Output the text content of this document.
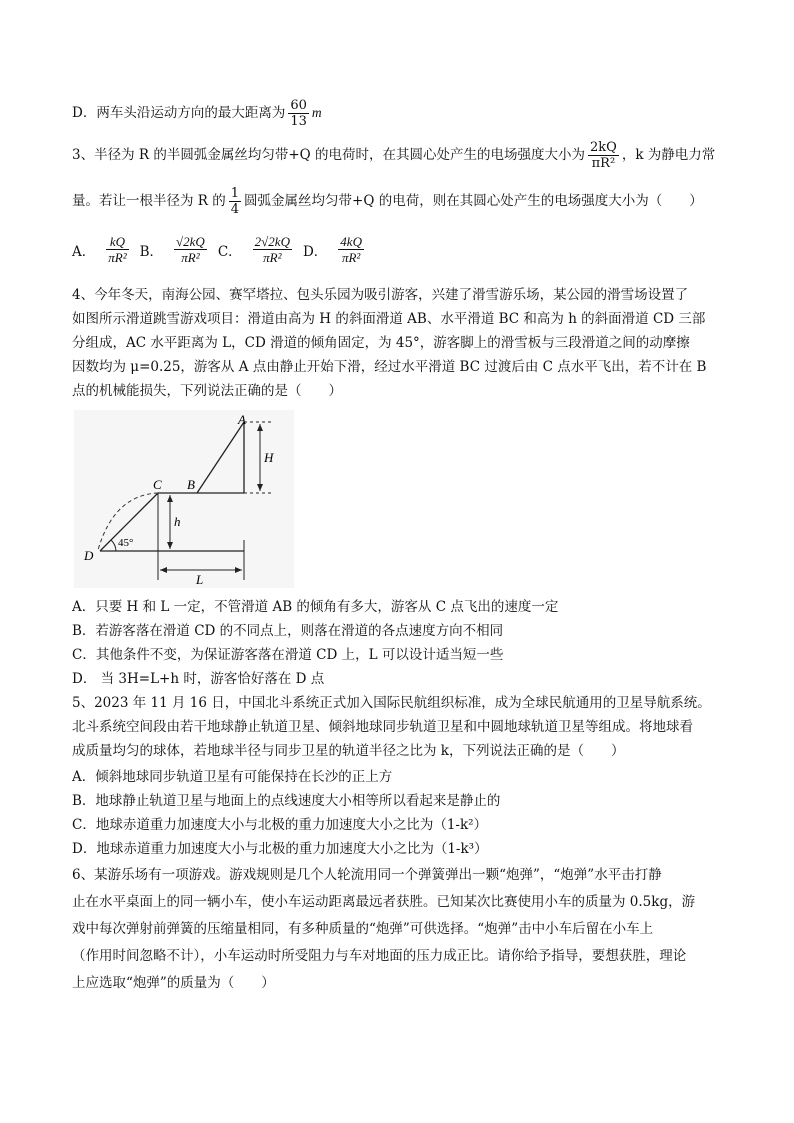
D．两车头沿运动方向的最大距离为 $\frac{60}{13}$ m
3、半径为 R 的半圆弧金属丝均匀带+Q 的电荷时，在其圆心处产生的电场强度大小为 $\frac{2kQ}{\text{πR²}}$ ，k 为静电力常
量。若让一根半径为 R 的 $\frac{1}{4}$ 圆弧金属丝均匀带+Q 的电荷，则在其圆心处产生的电场强度大小为（　　）
A． $\frac{kQ}{\text{πR²}}$ B． $\frac{√2kQ}{\text{πR²}}$ C． $\frac{2√2kQ}{\text{πR²}}$ D． $\frac{4kQ}{\text{πR²}}$
4、今年冬天，南海公园、赛罕塔拉、包头乐园为吸引游客，兴建了滑雪游乐场，某公园的滑雪场设置了
如图所示滑道跳雪游戏项目：滑道由高为 H 的斜面滑道 AB、水平滑道 BC 和高为 h 的斜面滑道 CD 三部
分组成，AC 水平距离为 L，CD 滑道的倾角固定，为 45°，游客脚上的滑雪板与三段滑道之间的动摩擦
因数均为 μ=0.25，游客从 A 点由静止开始下滑，经过水平滑道 BC 过渡后由 C 点水平飞出，若不计在 B
点的机械能损失，下列说法正确的是（　　）
A
B
C
D
H
h
L
45°
A．只要 H 和 L 一定，不管滑道 AB 的倾角有多大，游客从 C 点飞出的速度一定
B．若游客落在滑道 CD 的不同点上，则落在滑道的各点速度方向不相同
C．其他条件不变，为保证游客落在滑道 CD 上，L 可以设计适当短一些
D． 当 3H=L+h 时，游客恰好落在 D 点
5、2023 年 11 月 16 日，中国北斗系统正式加入国际民航组织标准，成为全球民航通用的卫星导航系统。
北斗系统空间段由若干地球静止轨道卫星、倾斜地球同步轨道卫星和中圆地球轨道卫星等组成。将地球看
成质量均匀的球体，若地球半径与同步卫星的轨道半径之比为 k，下列说法正确的是（　　）
A．倾斜地球同步轨道卫星有可能保持在长沙的正上方
B．地球静止轨道卫星与地面上的点线速度大小相等所以看起来是静止的
C．地球赤道重力加速度大小与北极的重力加速度大小之比为（1-k²）
D．地球赤道重力加速度大小与北极的重力加速度大小之比为（1-k³）
6、某游乐场有一项游戏。游戏规则是几个人轮流用同一个弹簧弹出一颗“炮弹”，“炮弹”水平击打静
止在水平桌面上的同一辆小车，使小车运动距离最远者获胜。已知某次比赛使用小车的质量为 0.5kg，游
戏中每次弹射前弹簧的压缩量相同，有多种质量的“炮弹”可供选择。“炮弹”击中小车后留在小车上
（作用时间忽略不计），小车运动时所受阻力与车对地面的压力成正比。请你给予指导，要想获胜，理论
上应选取“炮弹”的质量为（　　）
